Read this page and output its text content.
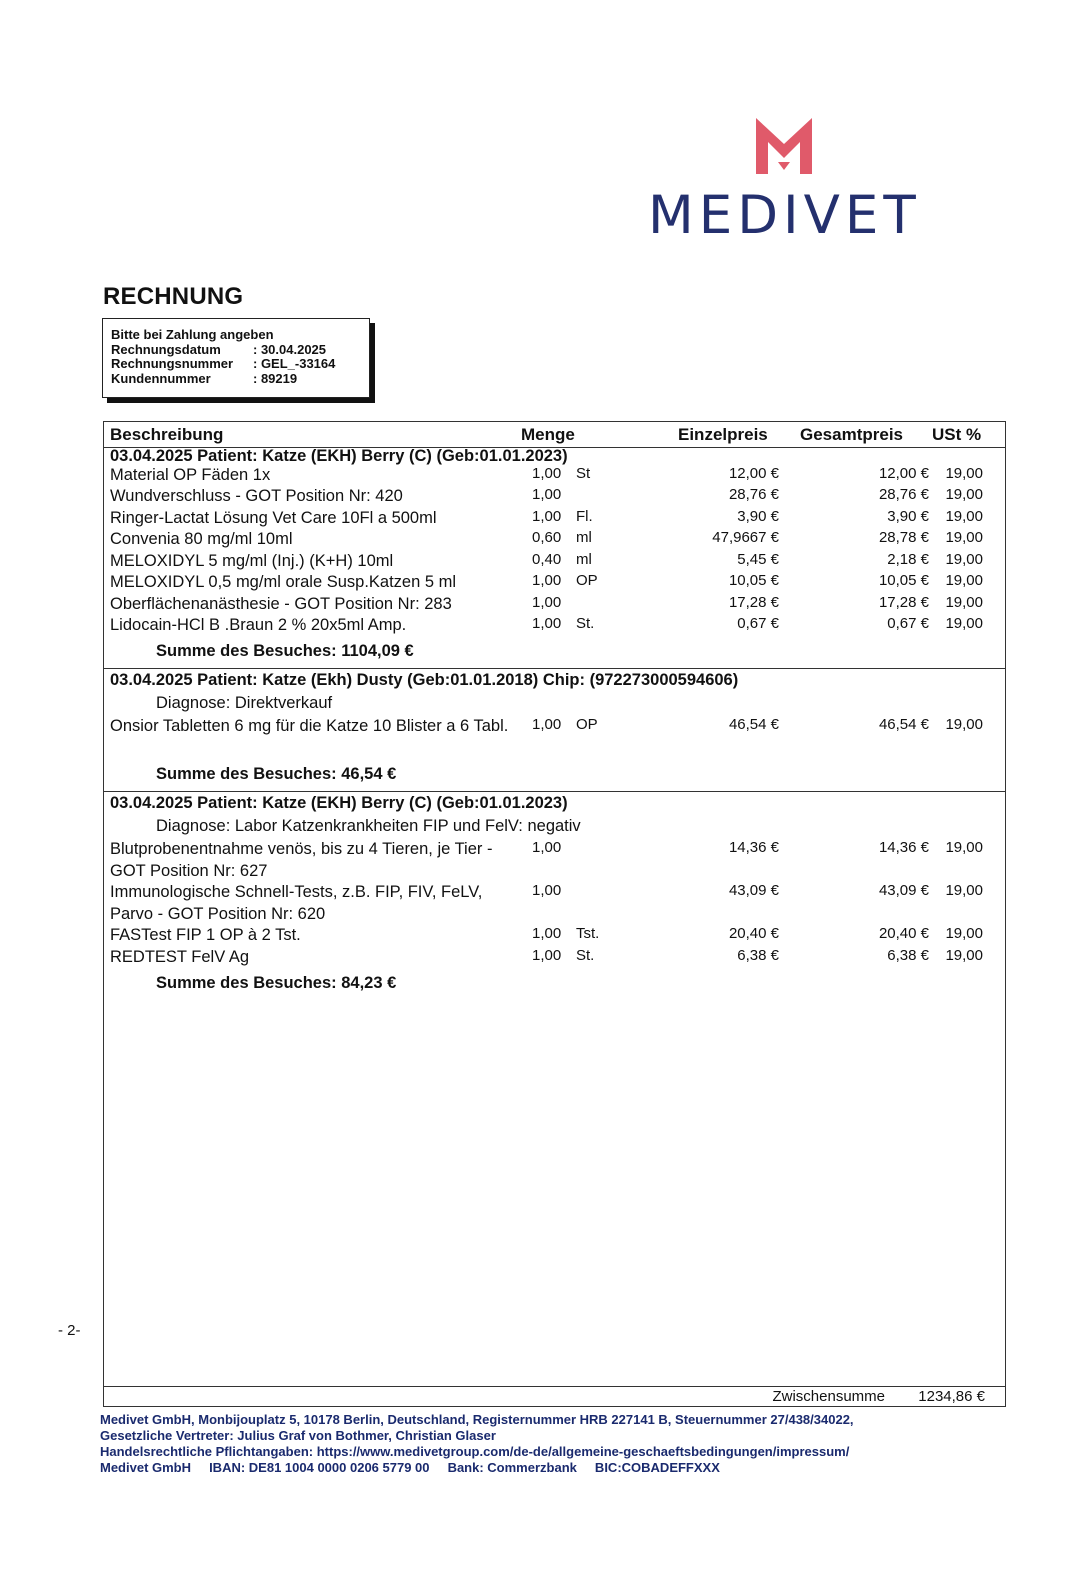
MEDIVET
RECHNUNG
Bitte bei Zahlung angeben
Rechnungsdatum	: 30.04.2025
Rechnungsnummer	: GEL_-33164
Kundennummer	: 89219
Beschreibung	Menge	Einzelpreis Gesamtpreis USt %
03.04.2025 Patient: Katze (EKH) Berry (C) (Geb:01.01.2023)
Material OP Fäden 1x	1,00 St	12,00 €	12,00 € 19,00
Wundverschluss - GOT Position Nr: 420	1,00	28,76 €	28,76 € 19,00
Ringer-Lactat Lösung Vet Care 10Fl a 500ml	1,00 Fl.	3,90 €	3,90 € 19,00
Convenia 80 mg/ml 10ml	0,60 ml	47,9667 €	28,78 € 19,00
MELOXIDYL 5 mg/ml (Inj.) (K+H) 10ml	0,40 ml	5,45 €	2,18 € 19,00
MELOXIDYL 0,5 mg/ml orale Susp.Katzen 5 ml	1,00 OP	10,05 €	10,05 € 19,00
Oberflächenanästhesie - GOT Position Nr: 283	1,00	17,28 €	17,28 € 19,00
Lidocain-HCl B .Braun 2 % 20x5ml Amp.	1,00 St.	0,67 €	0,67 € 19,00
Summe des Besuches: 1104,09 €
03.04.2025 Patient: Katze (Ekh) Dusty (Geb:01.01.2018) Chip: (972273000594606)
Diagnose: Direktverkauf
Onsior Tabletten 6 mg für die Katze 10 Blister a 6 Tabl.	1,00 OP	46,54 €	46,54 € 19,00
Summe des Besuches: 46,54 €
03.04.2025 Patient: Katze (EKH) Berry (C) (Geb:01.01.2023)
Diagnose: Labor Katzenkrankheiten FIP und FelV: negativ
Blutprobenentnahme venös, bis zu 4 Tieren, je Tier - GOT Position Nr: 627
1,00	14,36 €	14,36 € 19,00
Immunologische Schnell-Tests, z.B. FIP, FIV, FeLV, Parvo - GOT Position Nr: 620
1,00	43,09 €	43,09 € 19,00
FASTest FIP 1 OP à 2 Tst.	1,00 Tst.	20,40 €	20,40 € 19,00
REDTEST FelV Ag	1,00 St.	6,38 €	6,38 € 19,00
Summe des Besuches: 84,23 €
Zwischensumme 1234,86 €
- 2-
Medivet GmbH, Monbijouplatz 5, 10178 Berlin, Deutschland, Registernummer HRB 227141 B, Steuernummer 27/438/34022,
Gesetzliche Vertreter: Julius Graf von Bothmer, Christian Glaser
Handelsrechtliche Pflichtangaben: https://www.medivetgroup.com/de-de/allgemeine-geschaeftsbedingungen/impressum/
Medivet GmbH     IBAN: DE81 1004 0000 0206 5779 00     Bank: Commerzbank     BIC:COBADEFFXXX
